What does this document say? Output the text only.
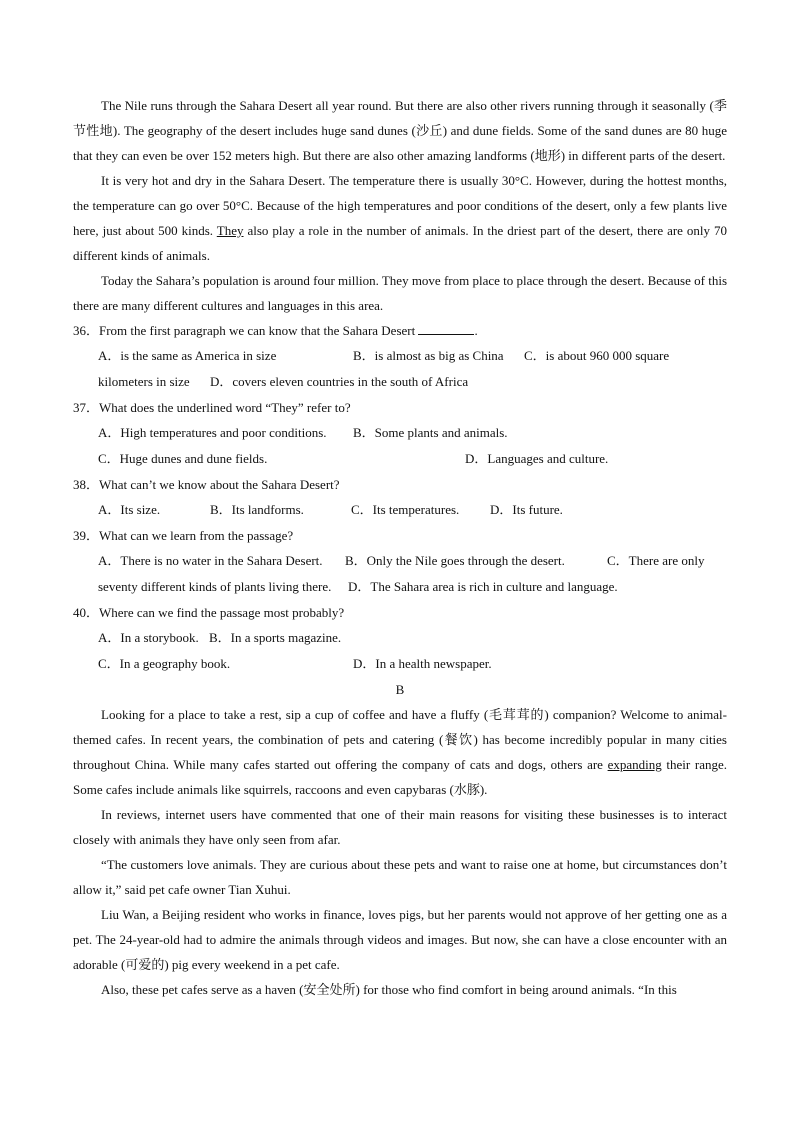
The Nile runs through the Sahara Desert all year round. But there are also other rivers running through it seasonally (季节性地). The geography of the desert includes huge sand dunes (沙丘) and dune fields. Some of the sand dunes are 80 huge that they can even be over 152 meters high. But there are also other amazing landforms (地形) in different parts of the desert.

It is very hot and dry in the Sahara Desert. The temperature there is usually 30°C. However, during the hottest months, the temperature can go over 50°C. Because of the high temperatures and poor conditions of the desert, only a few plants live here, just about 500 kinds. They also play a role in the number of animals. In the driest part of the desert, there are only 70 different kinds of animals.

Today the Sahara’s population is around four million. They move from place to place through the desert. Because of this there are many different cultures and languages in this area.

36．From the first paragraph we can know that the Sahara Desert	.

A．is the same as America in size	B．is almost as big as China C．is about 960 000 square
kilometers in size D．covers eleven countries in the south of Africa

37．What does the underlined word “They” refer to?

A．High temperatures and poor conditions. B．Some plants and animals.
C．Huge dunes and dune fields.	D．Languages and culture.

38．What can’t we know about the Sahara Desert?

A．Its size.	B．Its landforms.	C．Its temperatures. D．Its future.

39．What can we learn from the passage?

A．There is no water in the Sahara Desert. B．Only the Nile goes through the desert.	C．There are only
seventy different kinds of plants living there. D．The Sahara area is rich in culture and language.

40．Where can we find the passage most probably?

A．In a storybook. B．In a sports magazine.
C．In a geography book.	D．In a health newspaper.

B

Looking for a place to take a rest, sip a cup of coffee and have a fluffy (毛茸茸的) companion? Welcome to animal-themed cafes. In recent years, the combination of pets and catering (餐饮) has become incredibly popular in many cities throughout China. While many cafes started out offering the company of cats and dogs, others are expanding their range. Some cafes include animals like squirrels, raccoons and even capybaras (水豚).

In reviews, internet users have commented that one of their main reasons for visiting these businesses is to interact closely with animals they have only seen from afar.

“The customers love animals. They are curious about these pets and want to raise one at home, but circumstances don’t allow it,” said pet cafe owner Tian Xuhui.

Liu Wan, a Beijing resident who works in finance, loves pigs, but her parents would not approve of her getting one as a pet. The 24-year-old had to admire the animals through videos and images. But now, she can have a close encounter with an adorable (可爱的) pig every weekend in a pet cafe.

Also, these pet cafes serve as a haven (安全处所) for those who find comfort in being around animals. “In this
